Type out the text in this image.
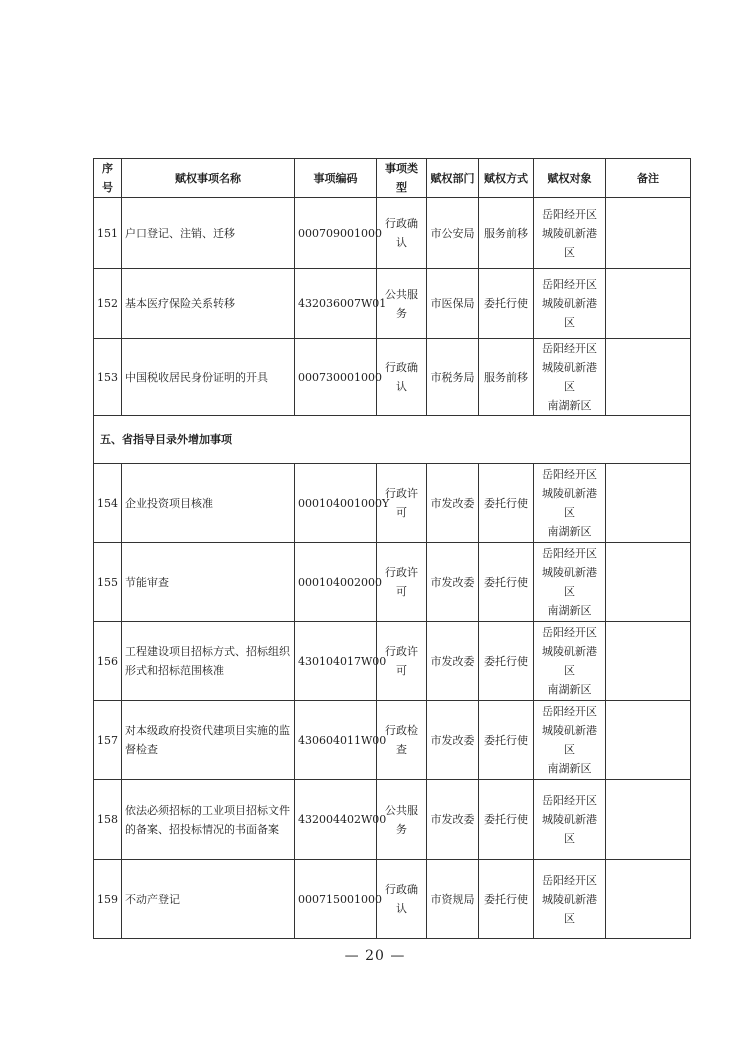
序号	赋权事项名称	事项编码	事项类型	赋权部门	赋权方式	赋权对象	备注
151	户口登记、注销、迁移	000709001000	行政确认	市公安局	服务前移	岳阳经开区
城陵矶新港区	

152	基本医疗保险关系转移	432036007W01	公共服务	市医保局	委托行使	岳阳经开区
城陵矶新港区	

153	中国税收居民身份证明的开具	000730001000	行政确认	市税务局	服务前移	岳阳经开区
城陵矶新港区
南湖新区	

五、省指导目录外增加事项							
154	企业投资项目核准	000104001000Y	行政许可	市发改委	委托行使	岳阳经开区
城陵矶新港区
南湖新区	

155	节能审查	000104002000	行政许可	市发改委	委托行使	岳阳经开区
城陵矶新港区
南湖新区	

156	工程建设项目招标方式、招标组织形式和招标范围核准	430104017W00	行政许可	市发改委	委托行使	岳阳经开区
城陵矶新港区
南湖新区	

157	对本级政府投资代建项目实施的监督检查	430604011W00	行政检查	市发改委	委托行使	岳阳经开区
城陵矶新港区
南湖新区	

158	依法必须招标的工业项目招标文件的备案、招投标情况的书面备案	432004402W00	公共服务	市发改委	委托行使	岳阳经开区
城陵矶新港区	

159	不动产登记	000715001000	行政确认	市资规局	委托行使	岳阳经开区
城陵矶新港区	

— 20 —
